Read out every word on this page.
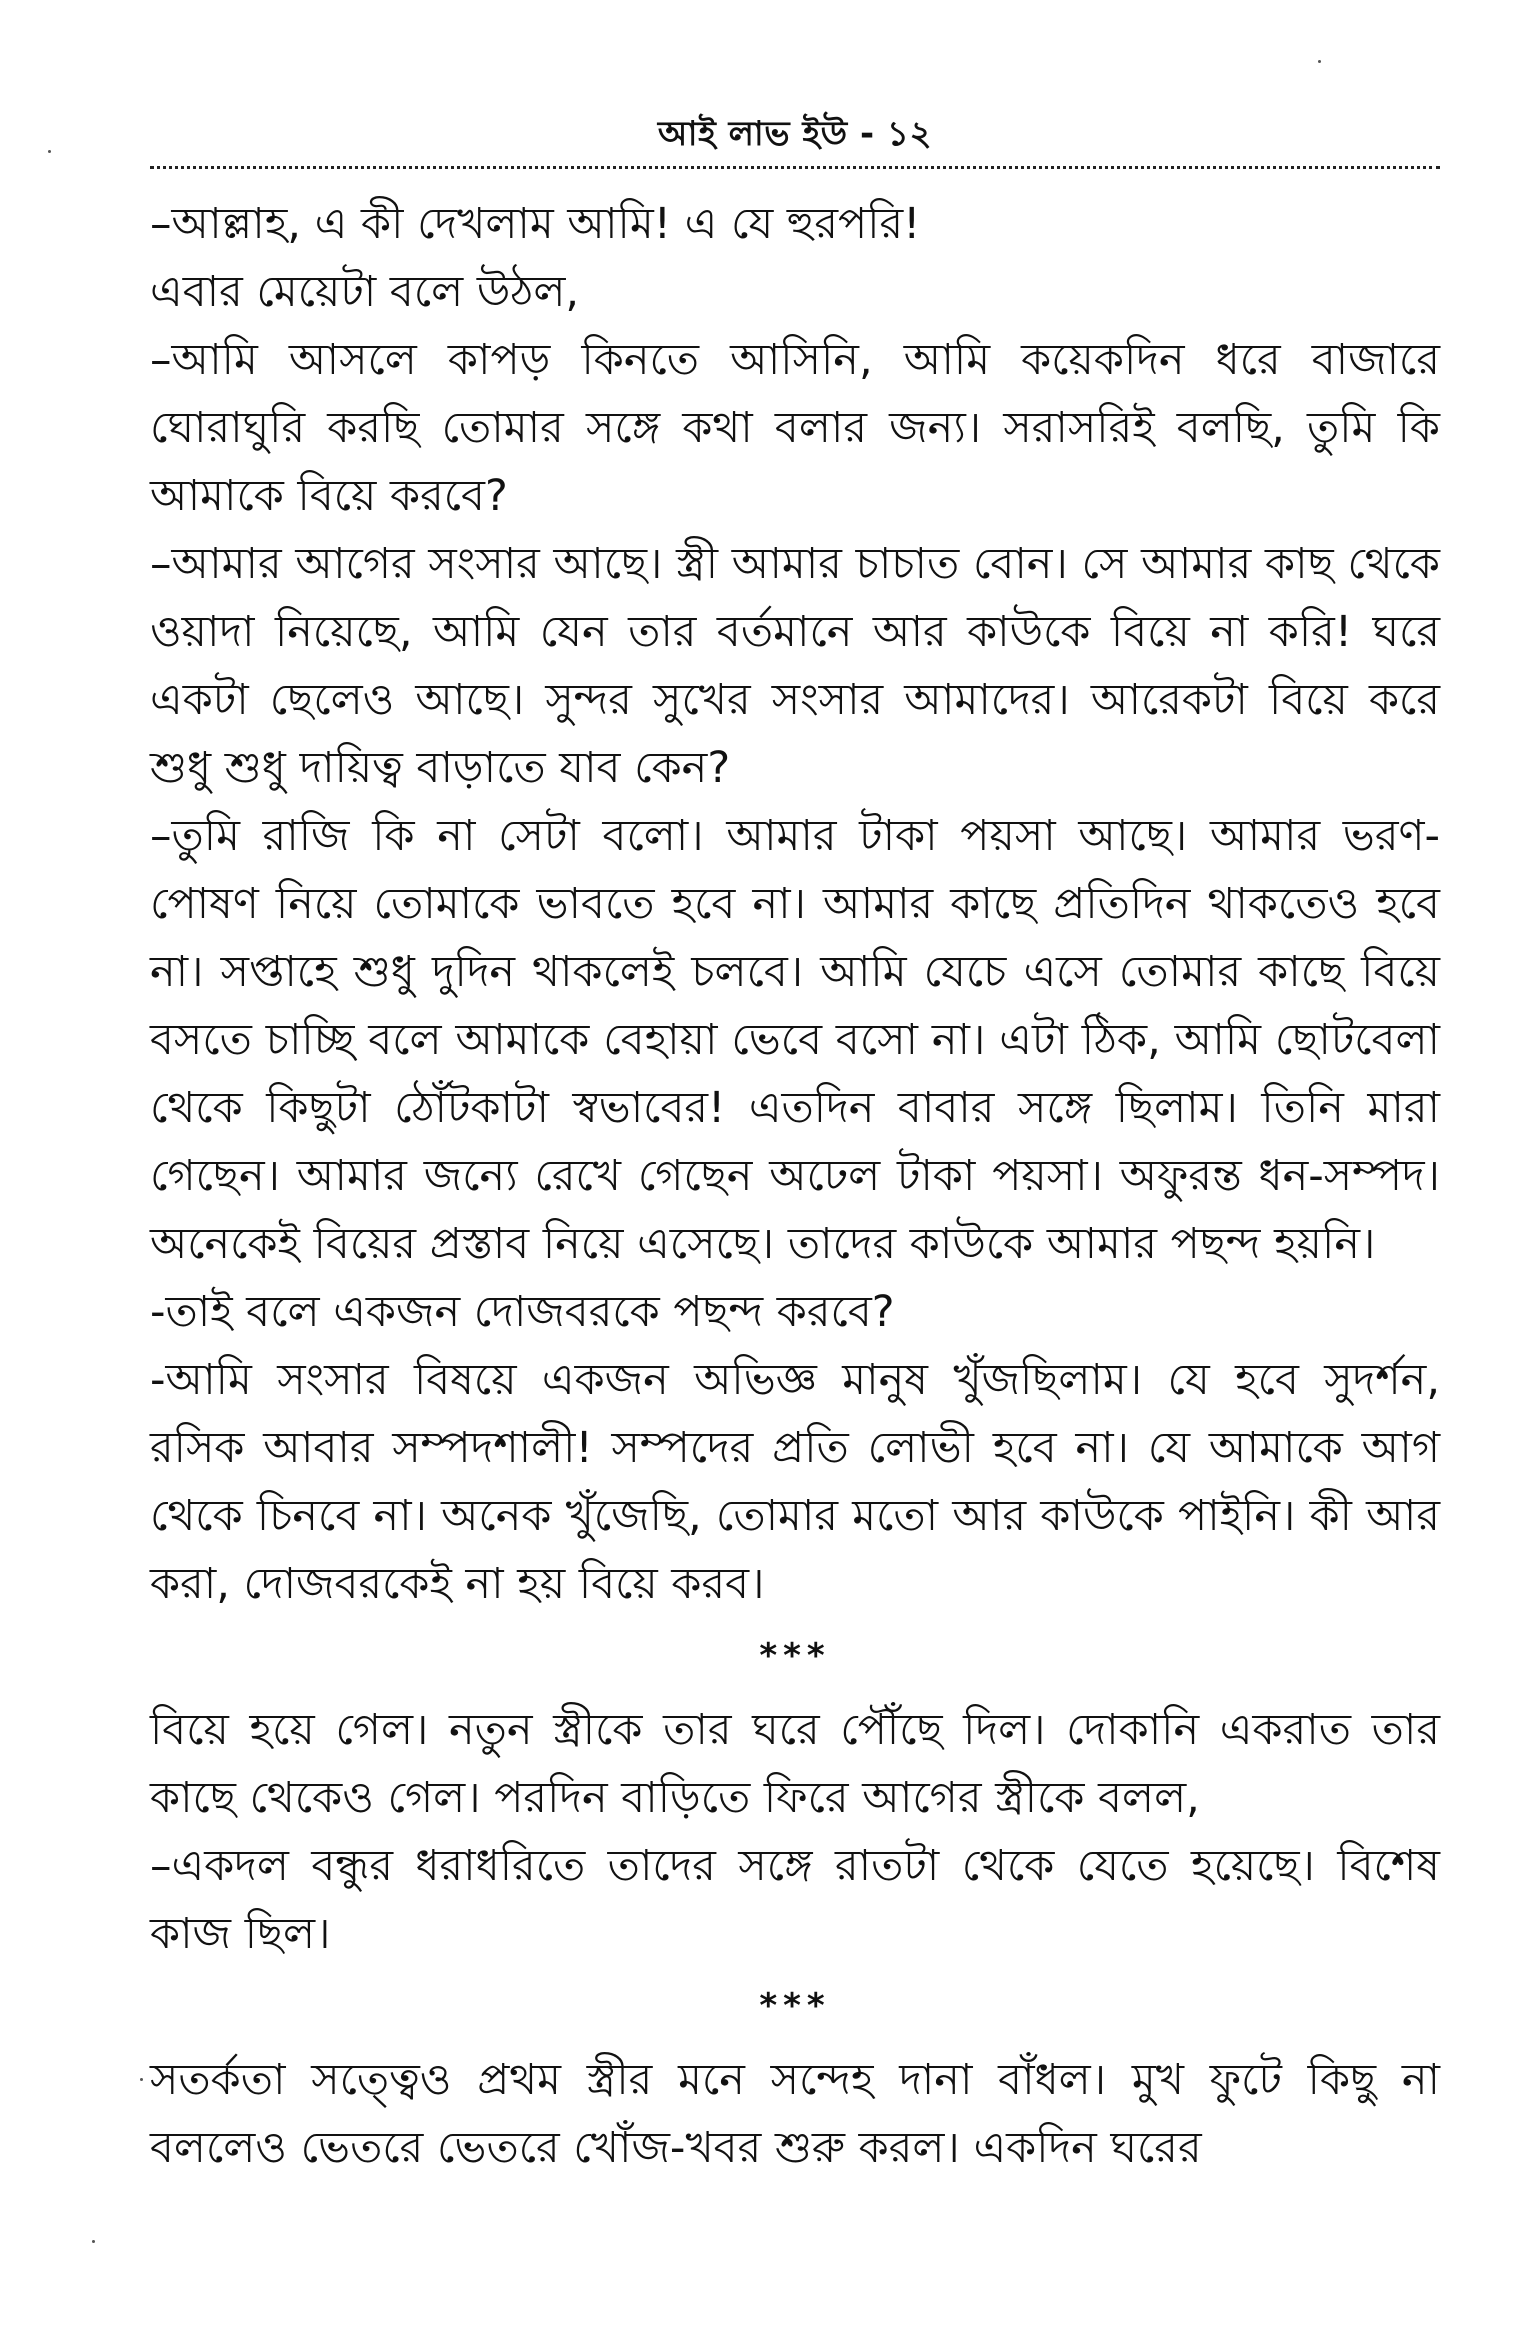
আই লাভ ইউ - ১২

–আল্লাহ, এ কী দেখলাম আমি! এ যে হুরপরি!

এবার মেয়েটা বলে উঠল,

–আমি আসলে কাপড় কিনতে আসিনি, আমি কয়েকদিন ধরে বাজারে ঘোরাঘুরি করছি তোমার সঙ্গে কথা বলার জন্য। সরাসরিই বলছি, তুমি কি আমাকে বিয়ে করবে?

–আমার আগের সংসার আছে। স্ত্রী আমার চাচাত বোন। সে আমার কাছ থেকে ওয়াদা নিয়েছে, আমি যেন তার বর্তমানে আর কাউকে বিয়ে না করি! ঘরে একটা ছেলেও আছে। সুন্দর সুখের সংসার আমাদের। আরেকটা বিয়ে করে শুধু শুধু দায়িত্ব বাড়াতে যাব কেন?

–তুমি রাজি কি না সেটা বলো। আমার টাকা পয়সা আছে। আমার ভরণ-পোষণ নিয়ে তোমাকে ভাবতে হবে না। আমার কাছে প্রতিদিন থাকতেও হবে না। সপ্তাহে শুধু দুদিন থাকলেই চলবে। আমি যেচে এসে তোমার কাছে বিয়ে বসতে চাচ্ছি বলে আমাকে বেহায়া ভেবে বসো না। এটা ঠিক, আমি ছোটবেলা থেকে কিছুটা ঠোঁটকাটা স্বভাবের! এতদিন বাবার সঙ্গে ছিলাম। তিনি মারা গেছেন। আমার জন্যে রেখে গেছেন অঢেল টাকা পয়সা। অফুরন্ত ধন-সম্পদ। অনেকেই বিয়ের প্রস্তাব নিয়ে এসেছে। তাদের কাউকে আমার পছন্দ হয়নি।

-তাই বলে একজন দোজবরকে পছন্দ করবে?

-আমি সংসার বিষয়ে একজন অভিজ্ঞ মানুষ খুঁজছিলাম। যে হবে সুদর্শন, রসিক আবার সম্পদশালী! সম্পদের প্রতি লোভী হবে না। যে আমাকে আগ থেকে চিনবে না। অনেক খুঁজেছি, তোমার মতো আর কাউকে পাইনি। কী আর করা, দোজবরকেই না হয় বিয়ে করব।

***

বিয়ে হয়ে গেল। নতুন স্ত্রীকে তার ঘরে পৌঁছে দিল। দোকানি একরাত তার কাছে থেকেও গেল। পরদিন বাড়িতে ফিরে আগের স্ত্রীকে বলল,

–একদল বন্ধুর ধরাধরিতে তাদের সঙ্গে রাতটা থেকে যেতে হয়েছে। বিশেষ কাজ ছিল।

***

সতর্কতা সত্ত্বেও প্রথম স্ত্রীর মনে সন্দেহ দানা বাঁধল। মুখ ফুটে কিছু না বললেও ভেতরে ভেতরে খোঁজ-খবর শুরু করল। একদিন ঘরের
